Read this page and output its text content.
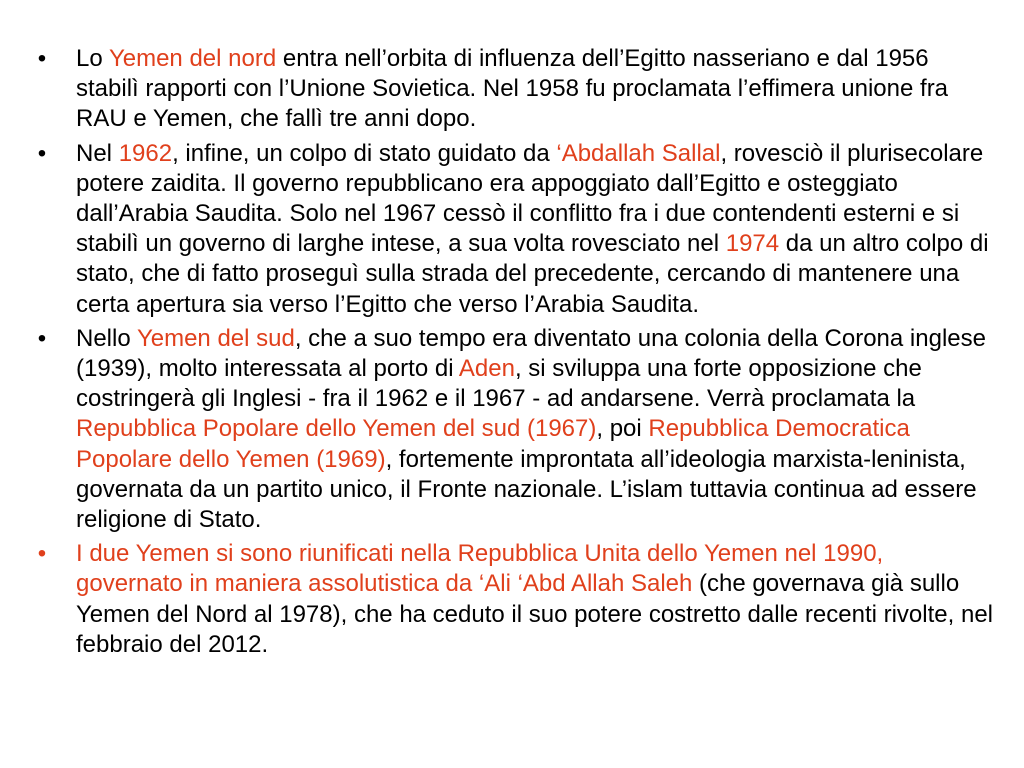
• Lo Yemen del nord entra nell’orbita di influenza dell’Egitto nasseriano e dal 1956 stabilì rapporti con l’Unione Sovietica. Nel 1958 fu proclamata l’effimera unione fra RAU e Yemen, che fallì tre anni dopo.
• Nel 1962, infine, un colpo di stato guidato da ‘Abdallah Sallal, rovesciò il plurisecolare potere zaidita. Il governo repubblicano era appoggiato dall’Egitto e osteggiato dall’Arabia Saudita. Solo nel 1967 cessò il conflitto fra i due contendenti esterni e si stabilì un governo di larghe intese, a sua volta rovesciato nel 1974 da un altro colpo di stato, che di fatto proseguì sulla strada del precedente, cercando di mantenere una certa apertura sia verso l’Egitto che verso l’Arabia Saudita.
• Nello Yemen del sud, che a suo tempo era diventato una colonia della Corona inglese (1939), molto interessata al porto di Aden, si sviluppa una forte opposizione che costringerà gli Inglesi - fra il 1962 e il 1967 - ad andarsene. Verrà proclamata la Repubblica Popolare dello Yemen del sud (1967), poi Repubblica Democratica Popolare dello Yemen (1969), fortemente improntata all’ideologia marxista-leninista, governata da un partito unico, il Fronte nazionale. L’islam tuttavia continua ad essere religione di Stato.
• I due Yemen si sono riunificati nella Repubblica Unita dello Yemen nel 1990, governato in maniera assolutistica da ‘Ali ‘Abd Allah Saleh (che governava già sullo Yemen del Nord al 1978), che ha ceduto il suo potere costretto dalle recenti rivolte, nel febbraio del 2012.
